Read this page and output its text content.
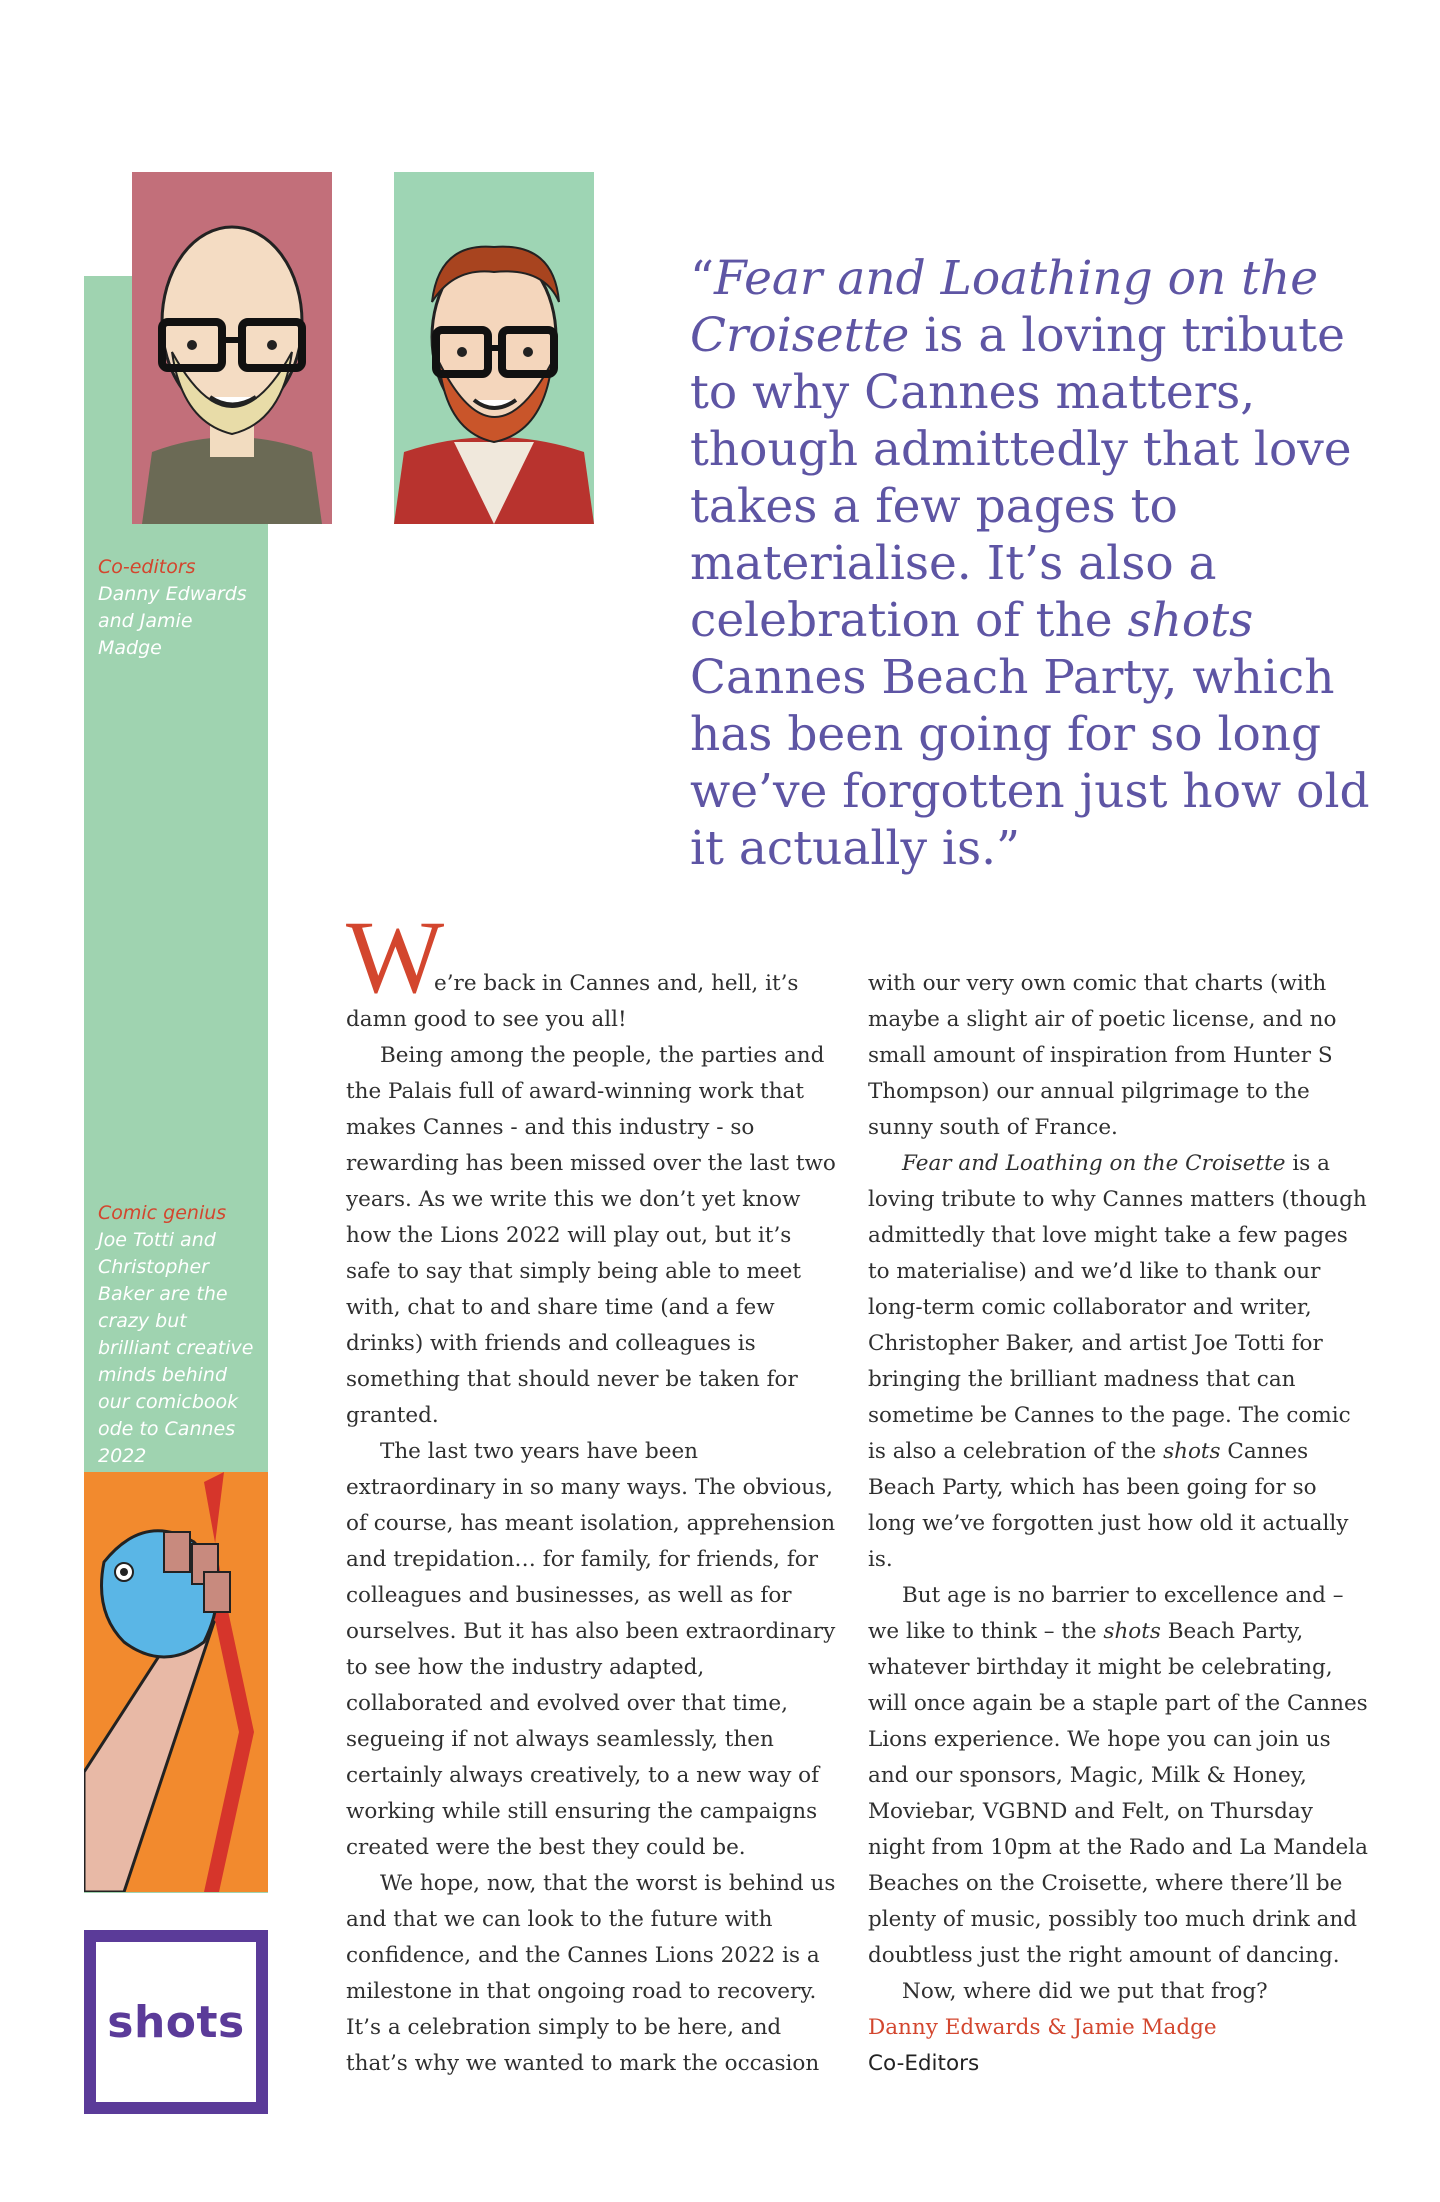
Co-editors
Danny Edwards and Jamie Madge
Comic genius
Joe Totti and Christopher Baker are the crazy but brilliant creative minds behind our comicbook ode to Cannes 2022
shots

“Fear and Loathing on the Croisette is a loving tribute to why Cannes matters, though admittedly that love takes a few pages to materialise. It’s also a celebration of the shots Cannes Beach Party, which has been going for so long we’ve forgotten just how old it actually is.”

W
e’re back in Cannes and, hell, it’s damn good to see you all!

Being among the people, the parties and the Palais full of award-winning work that makes Cannes - and this industry - so rewarding has been missed over the last two years. As we write this we don’t yet know how the Lions 2022 will play out, but it’s safe to say that simply being able to meet with, chat to and share time (and a few drinks) with friends and colleagues is something that should never be taken for granted.

The last two years have been extraordinary in so many ways. The obvious, of course, has meant isolation, apprehension and trepidation… for family, for friends, for colleagues and businesses, as well as for ourselves. But it has also been extraordinary to see how the industry adapted, collaborated and evolved over that time, segueing if not always seamlessly, then certainly always creatively, to a new way of working while still ensuring the campaigns created were the best they could be.

We hope, now, that the worst is behind us and that we can look to the future with confidence, and the Cannes Lions 2022 is a milestone in that ongoing road to recovery. It’s a celebration simply to be here, and that’s why we wanted to mark the occasion

with our very own comic that charts (with maybe a slight air of poetic license, and no small amount of inspiration from Hunter S Thompson) our annual pilgrimage to the sunny south of France.

Fear and Loathing on the Croisette is a loving tribute to why Cannes matters (though admittedly that love might take a few pages to materialise) and we’d like to thank our long-term comic collaborator and writer, Christopher Baker, and artist Joe Totti for bringing the brilliant madness that can sometime be Cannes to the page. The comic is also a celebration of the shots Cannes Beach Party, which has been going for so long we’ve forgotten just how old it actually is.

But age is no barrier to excellence and – we like to think – the shots Beach Party, whatever birthday it might be celebrating, will once again be a staple part of the Cannes Lions experience. We hope you can join us and our sponsors, Magic, Milk & Honey, Moviebar, VGBND and Felt, on Thursday night from 10pm at the Rado and La Mandela Beaches on the Croisette, where there’ll be plenty of music, possibly too much drink and doubtless just the right amount of dancing.

Now, where did we put that frog?

Danny Edwards & Jamie Madge
Co-Editors
